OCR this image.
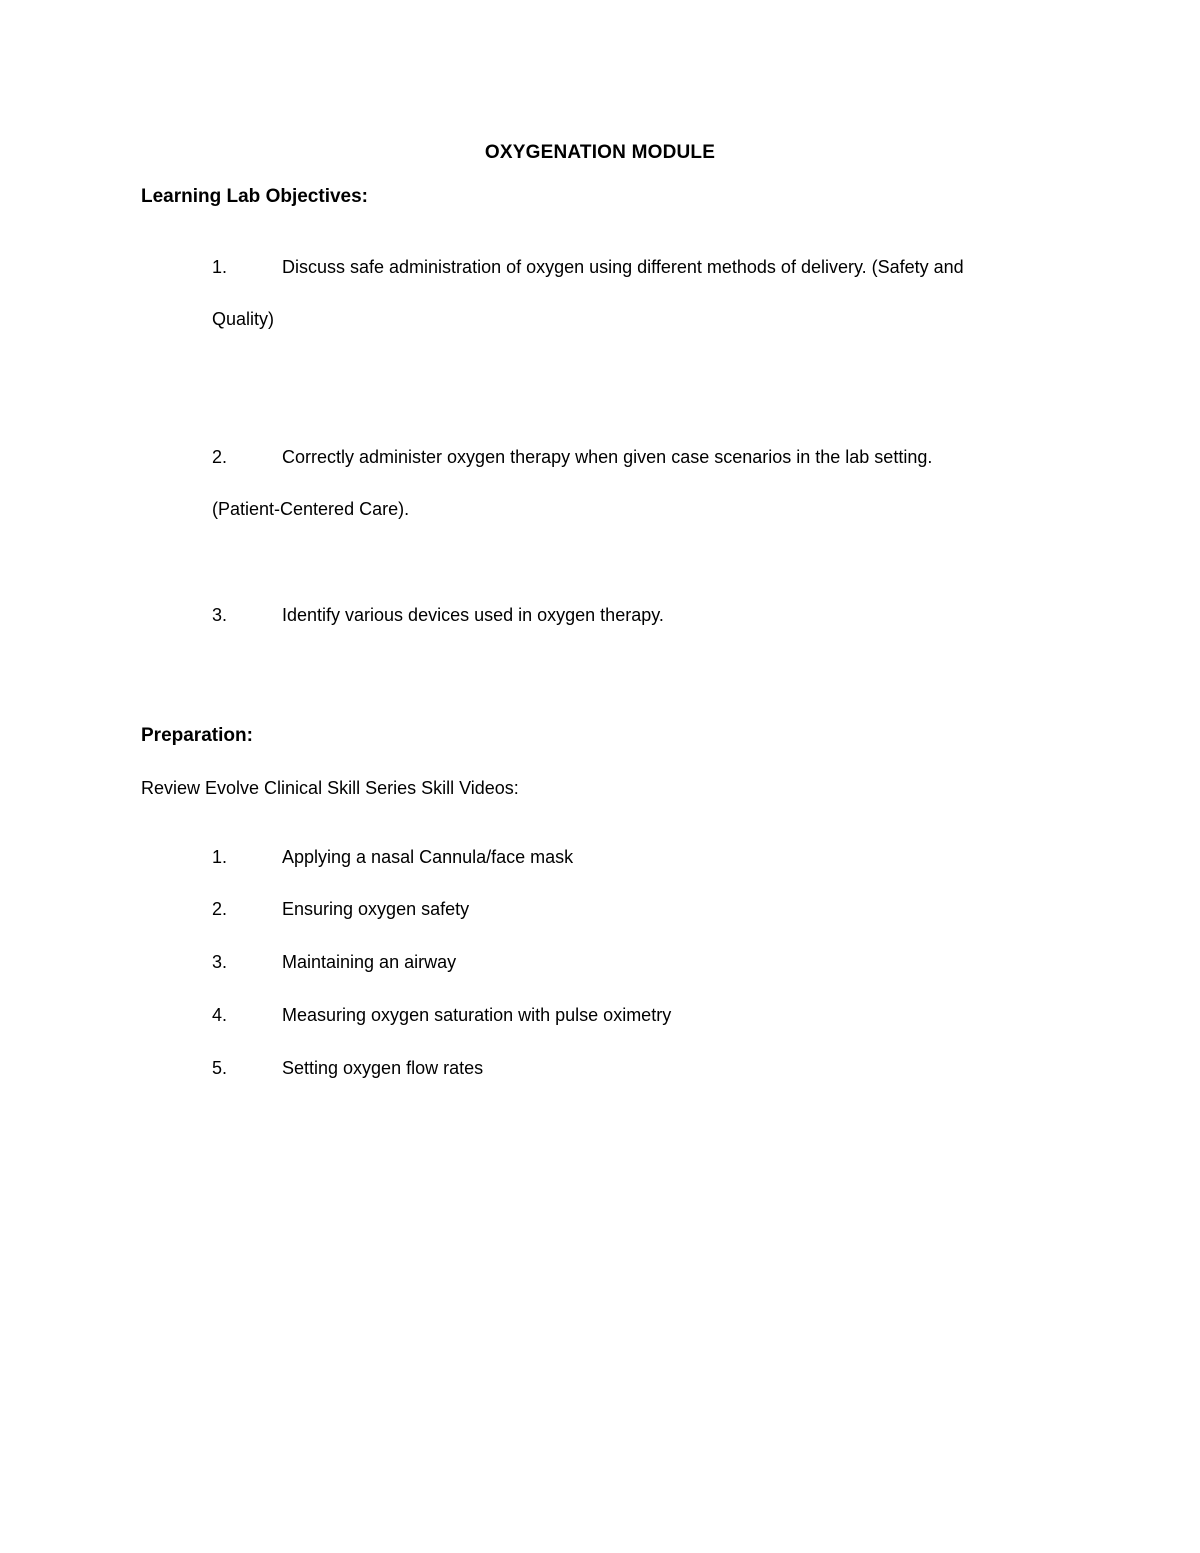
OXYGENATION MODULE
Learning Lab Objectives:
1.	Discuss safe administration of oxygen using different methods of delivery. (Safety and
Quality)
2.	Correctly administer oxygen therapy when given case scenarios in the lab setting.
(Patient-Centered Care).
3.	Identify various devices used in oxygen therapy.
Preparation:
Review Evolve Clinical Skill Series Skill Videos:
1.	Applying a nasal Cannula/face mask
2.	Ensuring oxygen safety
3.	Maintaining an airway
4.	Measuring oxygen saturation with pulse oximetry
5.	Setting oxygen flow rates
